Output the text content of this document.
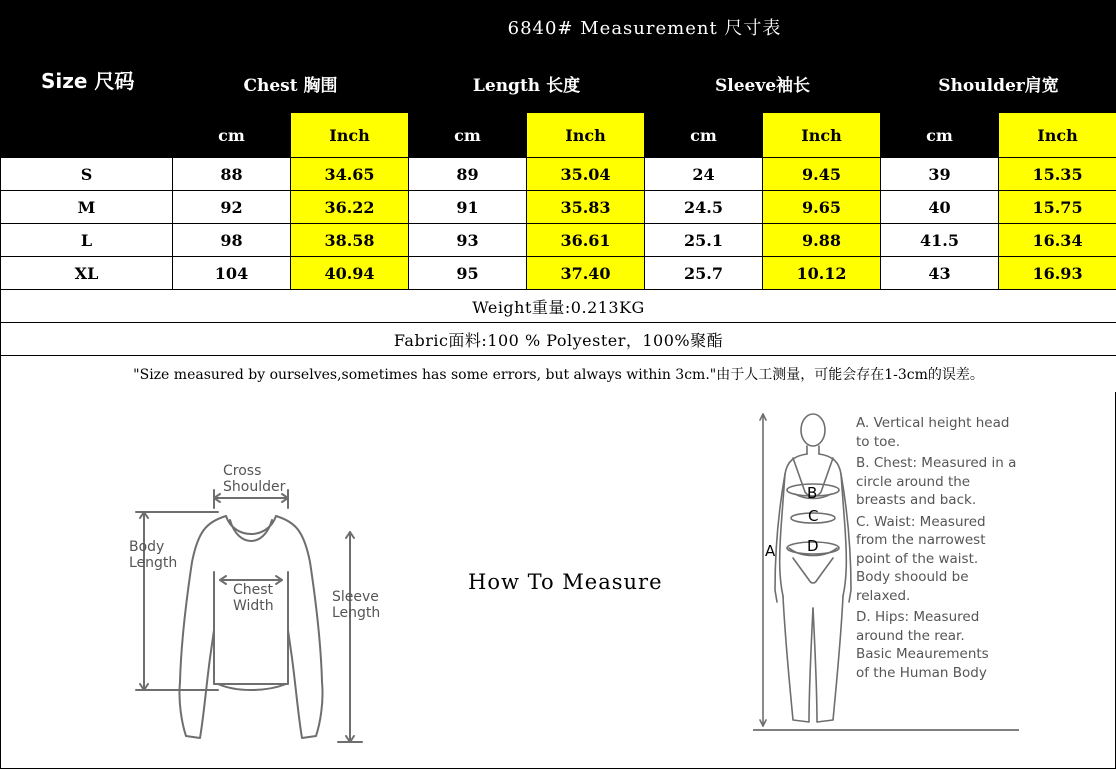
Size 尺码	6840# Measurement 尺寸表							
	Chest 胸围		Length 长度		Sleeve袖长		Shoulder肩宽	
	cm	Inch	cm	Inch	cm	Inch	cm	Inch
S	88	34.65	89	35.04	24	9.45	39	15.35
M	92	36.22	91	35.83	24.5	9.65	40	15.75
L	98	38.58	93	36.61	25.1	9.88	41.5	16.34
XL	104	40.94	95	37.40	25.7	10.12	43	16.93
Weight重量:0.213KG								
Fabric面料:100 % Polyester，100%聚酯								
"Size measured by ourselves,sometimes has some errors, but always within 3cm."由于人工测量，可能会存在1-3cm的误差。								
Cross
Shoulder
Body
Length
Chest
Width
Sleeve
Length
How To Measure
B
C
D
A
A. Vertical height head
to toe.
B. Chest: Measured in a
circle around the
breasts and back.
C. Waist: Measured
from the narrowest
point of the waist.
Body shoould be
relaxed.
D. Hips: Measured
around the rear.
Basic Meaurements
of the Human Body
